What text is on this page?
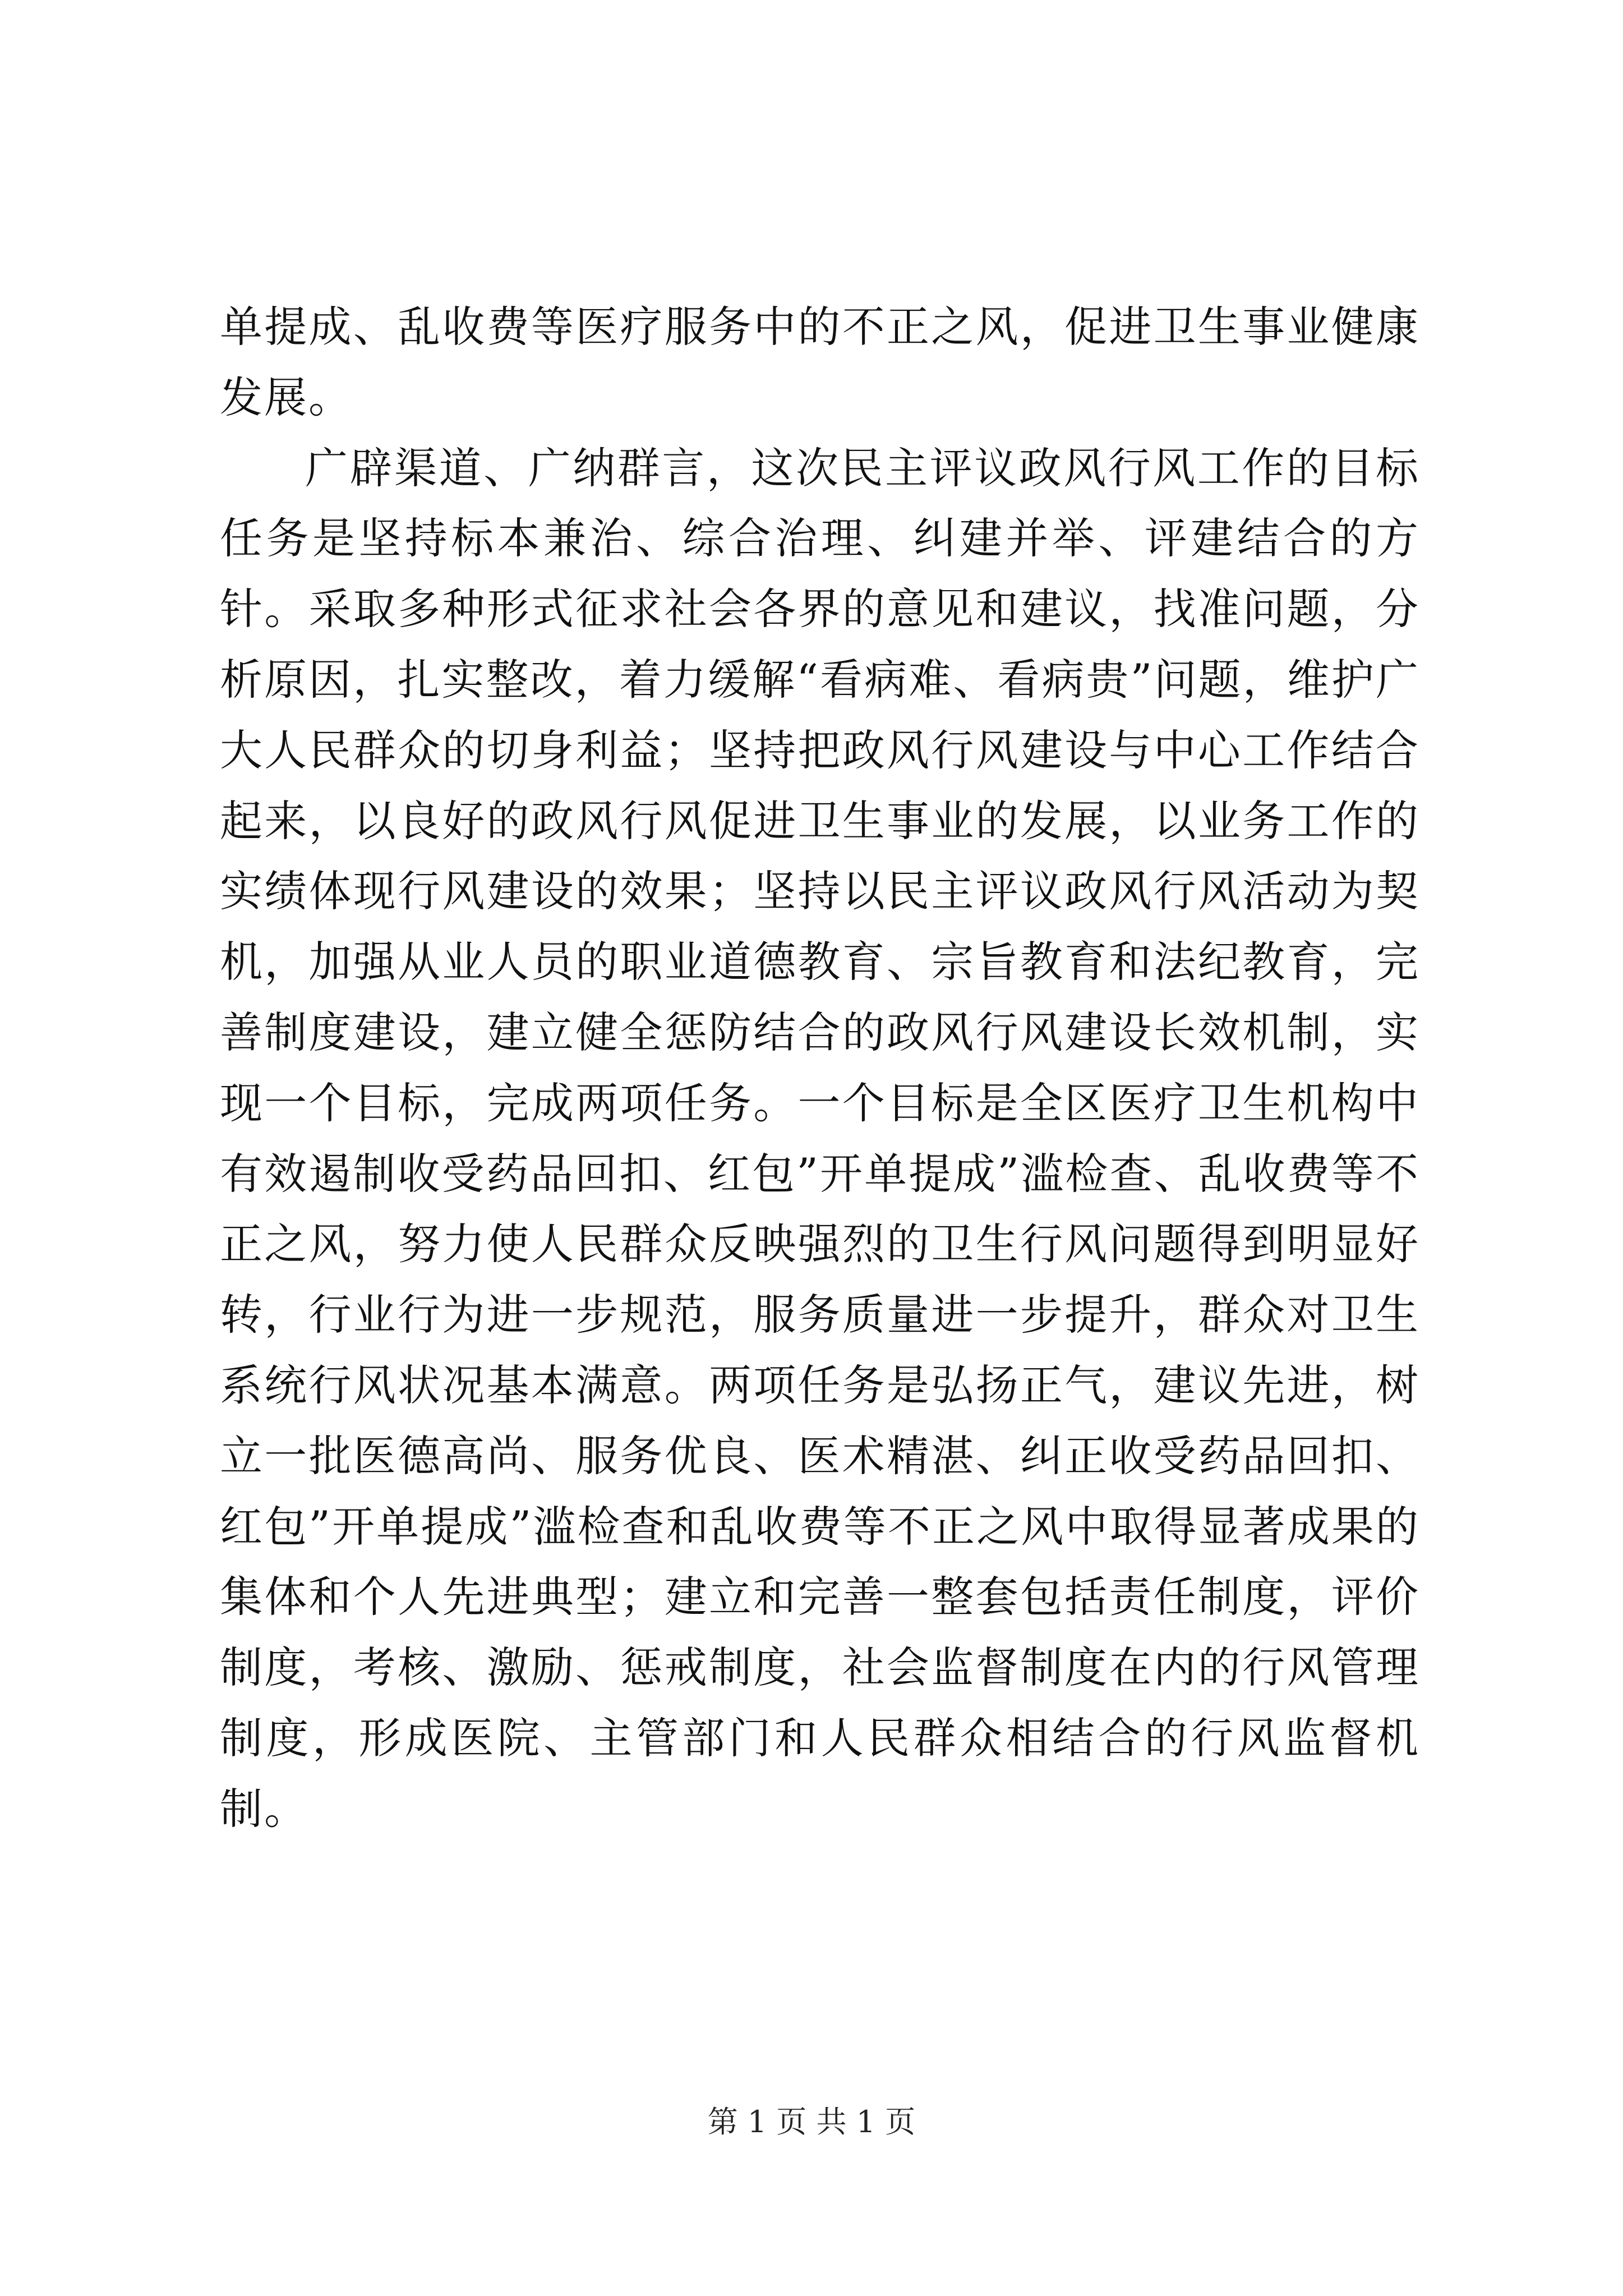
单提成、乱收费等医疗服务中的不正之风，促进卫生事业健康发展。

广辟渠道、广纳群言，这次民主评议政风行风工作的目标任务是坚持标本兼治、综合治理、纠建并举、评建结合的方针。采取多种形式征求社会各界的意见和建议，找准问题，分析原因，扎实整改，着力缓解“看病难、看病贵”问题，维护广大人民群众的切身利益；坚持把政风行风建设与中心工作结合起来，以良好的政风行风促进卫生事业的发展，以业务工作的实绩体现行风建设的效果；坚持以民主评议政风行风活动为契机，加强从业人员的职业道德教育、宗旨教育和法纪教育，完善制度建设，建立健全惩防结合的政风行风建设长效机制，实现一个目标，完成两项任务。一个目标是全区医疗卫生机构中有效遏制收受药品回扣、红包”开单提成”滥检查、乱收费等不正之风，努力使人民群众反映强烈的卫生行风问题得到明显好转，行业行为进一步规范，服务质量进一步提升，群众对卫生系统行风状况基本满意。两项任务是弘扬正气，建议先进，树立一批医德高尚、服务优良、医术精湛、纠正收受药品回扣、红包”开单提成”滥检查和乱收费等不正之风中取得显著成果的集体和个人先进典型；建立和完善一整套包括责任制度，评价制度，考核、激励、惩戒制度，社会监督制度在内的行风管理制度，形成医院、主管部门和人民群众相结合的行风监督机制。

第 1 页 共 1 页
